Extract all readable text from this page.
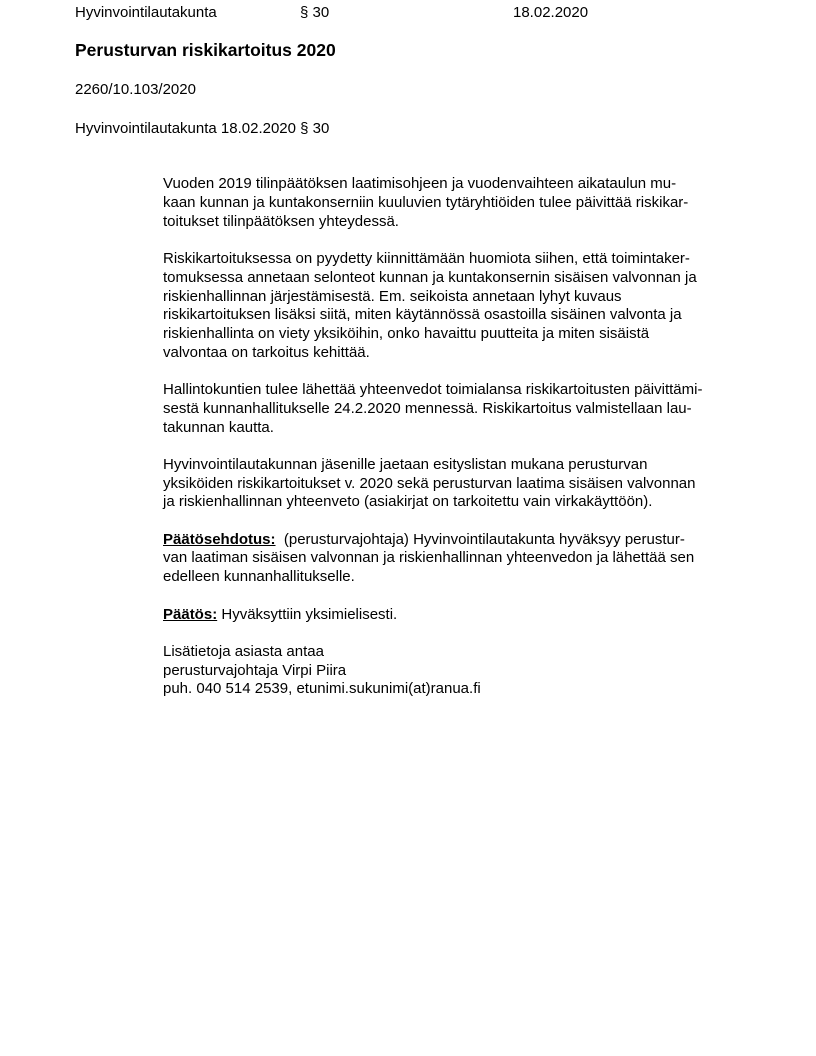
Hyvinvointilautakunta	§ 30	18.02.2020
Perusturvan riskikartoitus 2020
2260/10.103/2020
Hyvinvointilautakunta 18.02.2020 § 30
Vuoden 2019 tilinpäätöksen laatimisohjeen ja vuodenvaihteen aikataulun mu-
kaan kunnan ja kuntakonserniin kuuluvien tytäryhtiöiden tulee päivittää riskikar-
toitukset tilinpäätöksen yhteydessä.
Riskikartoituksessa on pyydetty kiinnittämään huomiota siihen, että toimintaker-
tomuksessa annetaan selonteot kunnan ja kuntakonsernin sisäisen valvonnan ja
riskienhallinnan järjestämisestä. Em. seikoista annetaan lyhyt kuvaus
riskikartoituksen lisäksi siitä, miten käytännössä osastoilla sisäinen valvonta ja
riskienhallinta on viety yksiköihin, onko havaittu puutteita ja miten sisäistä
valvontaa on tarkoitus kehittää.
Hallintokuntien tulee lähettää yhteenvedot toimialansa riskikartoitusten päivittämi-
sestä kunnanhallitukselle 24.2.2020 mennessä. Riskikartoitus valmistellaan lau-
takunnan kautta.
Hyvinvointilautakunnan jäsenille jaetaan esityslistan mukana perusturvan
yksiköiden riskikartoitukset v. 2020 sekä perusturvan laatima sisäisen valvonnan
ja riskienhallinnan yhteenveto (asiakirjat on tarkoitettu vain virkakäyttöön).
Päätösehdotus:  (perusturvajohtaja) Hyvinvointilautakunta hyväksyy perustur-
van laatiman sisäisen valvonnan ja riskienhallinnan yhteenvedon ja lähettää sen
edelleen kunnanhallitukselle.
Päätös: Hyväksyttiin yksimielisesti.
Lisätietoja asiasta antaa
perusturvajohtaja Virpi Piira
puh. 040 514 2539, etunimi.sukunimi(at)ranua.fi
